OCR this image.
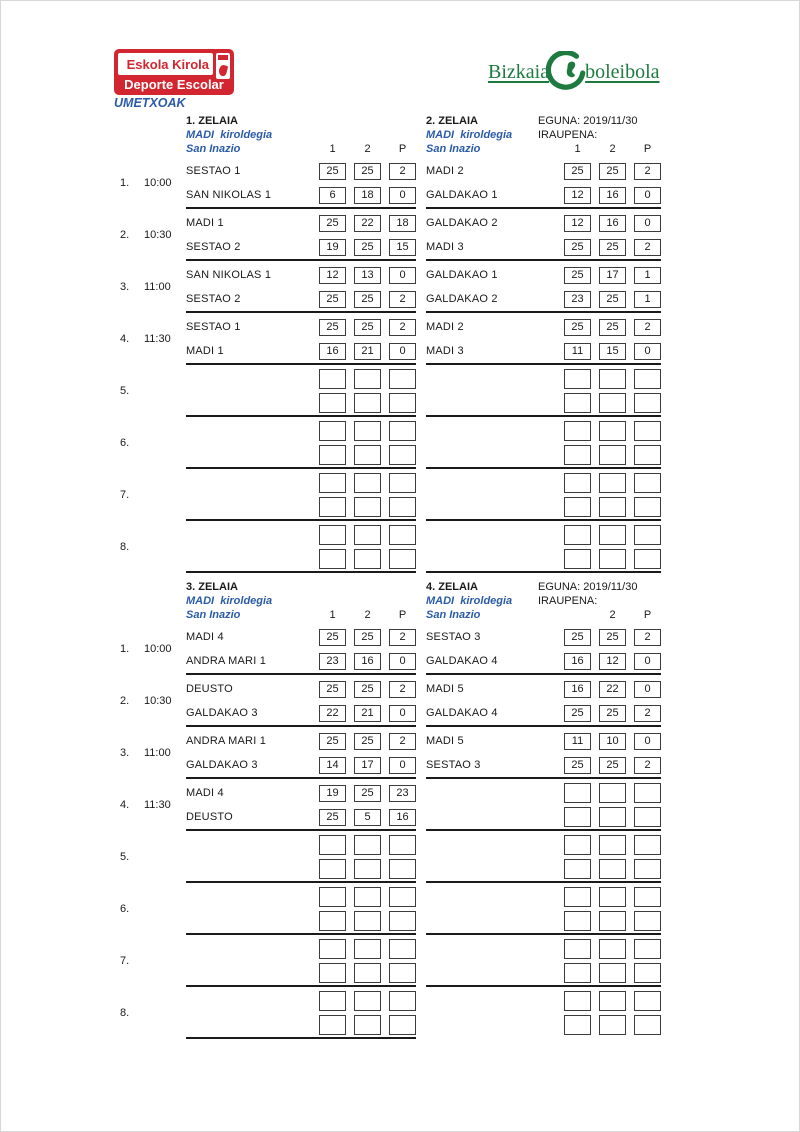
Eskola Kirola
Deporte Escolar
Bizkaia boleibola
UMETXOAK
1. ZELAIA
MADI  kiroldegia
San Inazio	1	2	P
2. ZELAIA	EGUNA: 2019/11/30
MADI  kiroldegia	IRAUPENA:
San Inazio	1	2	P
1.	10:00
SESTAO 1	25	25	2
SAN NIKOLAS 1	6	18	0
MADI 2	25	25	2
GALDAKAO 1	12	16	0
2.	10:30
MADI 1	25	22	18
SESTAO 2	19	25	15
GALDAKAO 2	12	16	0
MADI 3	25	25	2
3.	11:00
SAN NIKOLAS 1	12	13	0
SESTAO 2	25	25	2
GALDAKAO 1	25	17	1
GALDAKAO 2	23	25	1
4.	11:30
SESTAO 1	25	25	2
MADI 1	16	21	0
MADI 2	25	25	2
MADI 3	11	15	0
5.
6.
7.
8.
3. ZELAIA
MADI  kiroldegia
San Inazio	1	2	P
4. ZELAIA	EGUNA: 2019/11/30
MADI  kiroldegia	IRAUPENA:
San Inazio	2	P
1.	10:00
MADI 4	25	25	2
ANDRA MARI 1	23	16	0
SESTAO 3	25	25	2
GALDAKAO 4	16	12	0
2.	10:30
DEUSTO	25	25	2
GALDAKAO 3	22	21	0
MADI 5	16	22	0
GALDAKAO 4	25	25	2
3.	11:00
ANDRA MARI 1	25	25	2
GALDAKAO 3	14	17	0
MADI 5	11	10	0
SESTAO 3	25	25	2
4.	11:30
MADI 4	19	25	23
DEUSTO	25	5	16
5.
6.
7.
8.
